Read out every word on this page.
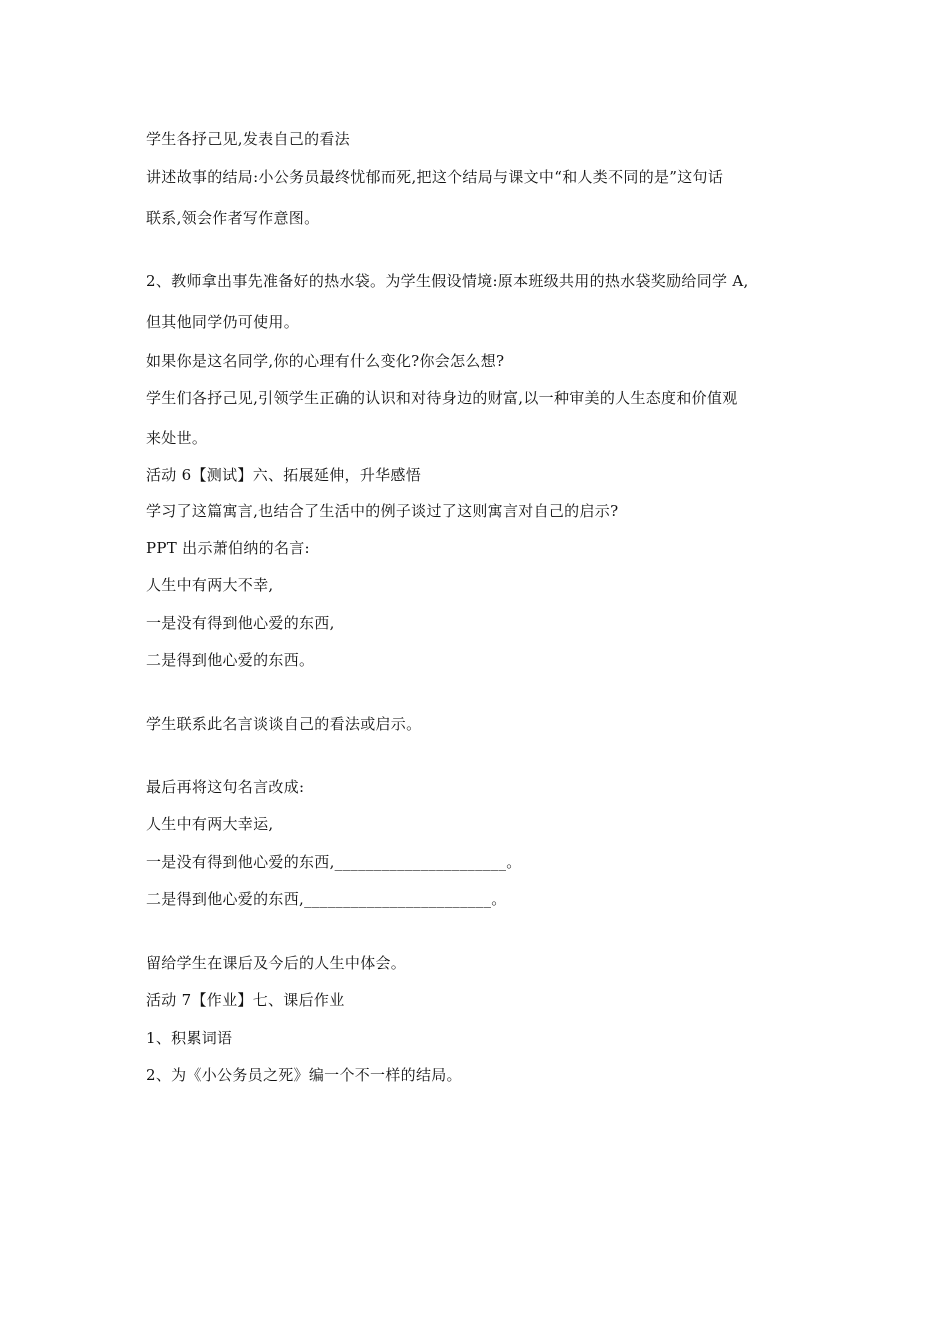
学生各抒己见,发表自己的看法
讲述故事的结局:小公务员最终忧郁而死,把这个结局与课文中“和人类不同的是”这句话
联系,领会作者写作意图。
2、教师拿出事先准备好的热水袋。为学生假设情境:原本班级共用的热水袋奖励给同学 A,
但其他同学仍可使用。
如果你是这名同学,你的心理有什么变化?你会怎么想?
学生们各抒己见,引领学生正确的认识和对待身边的财富,以一种审美的人生态度和价值观
来处世。
活动 6【测试】六、拓展延伸，升华感悟
学习了这篇寓言,也结合了生活中的例子谈过了这则寓言对自己的启示?
PPT 出示萧伯纳的名言:
人生中有两大不幸,
一是没有得到他心爱的东西,
二是得到他心爱的东西。
学生联系此名言谈谈自己的看法或启示。
最后再将这句名言改成:
人生中有两大幸运,
一是没有得到他心爱的东西,______________________。
二是得到他心爱的东西,________________________。
留给学生在课后及今后的人生中体会。
活动 7【作业】七、课后作业
1、积累词语
2、为《小公务员之死》编一个不一样的结局。
